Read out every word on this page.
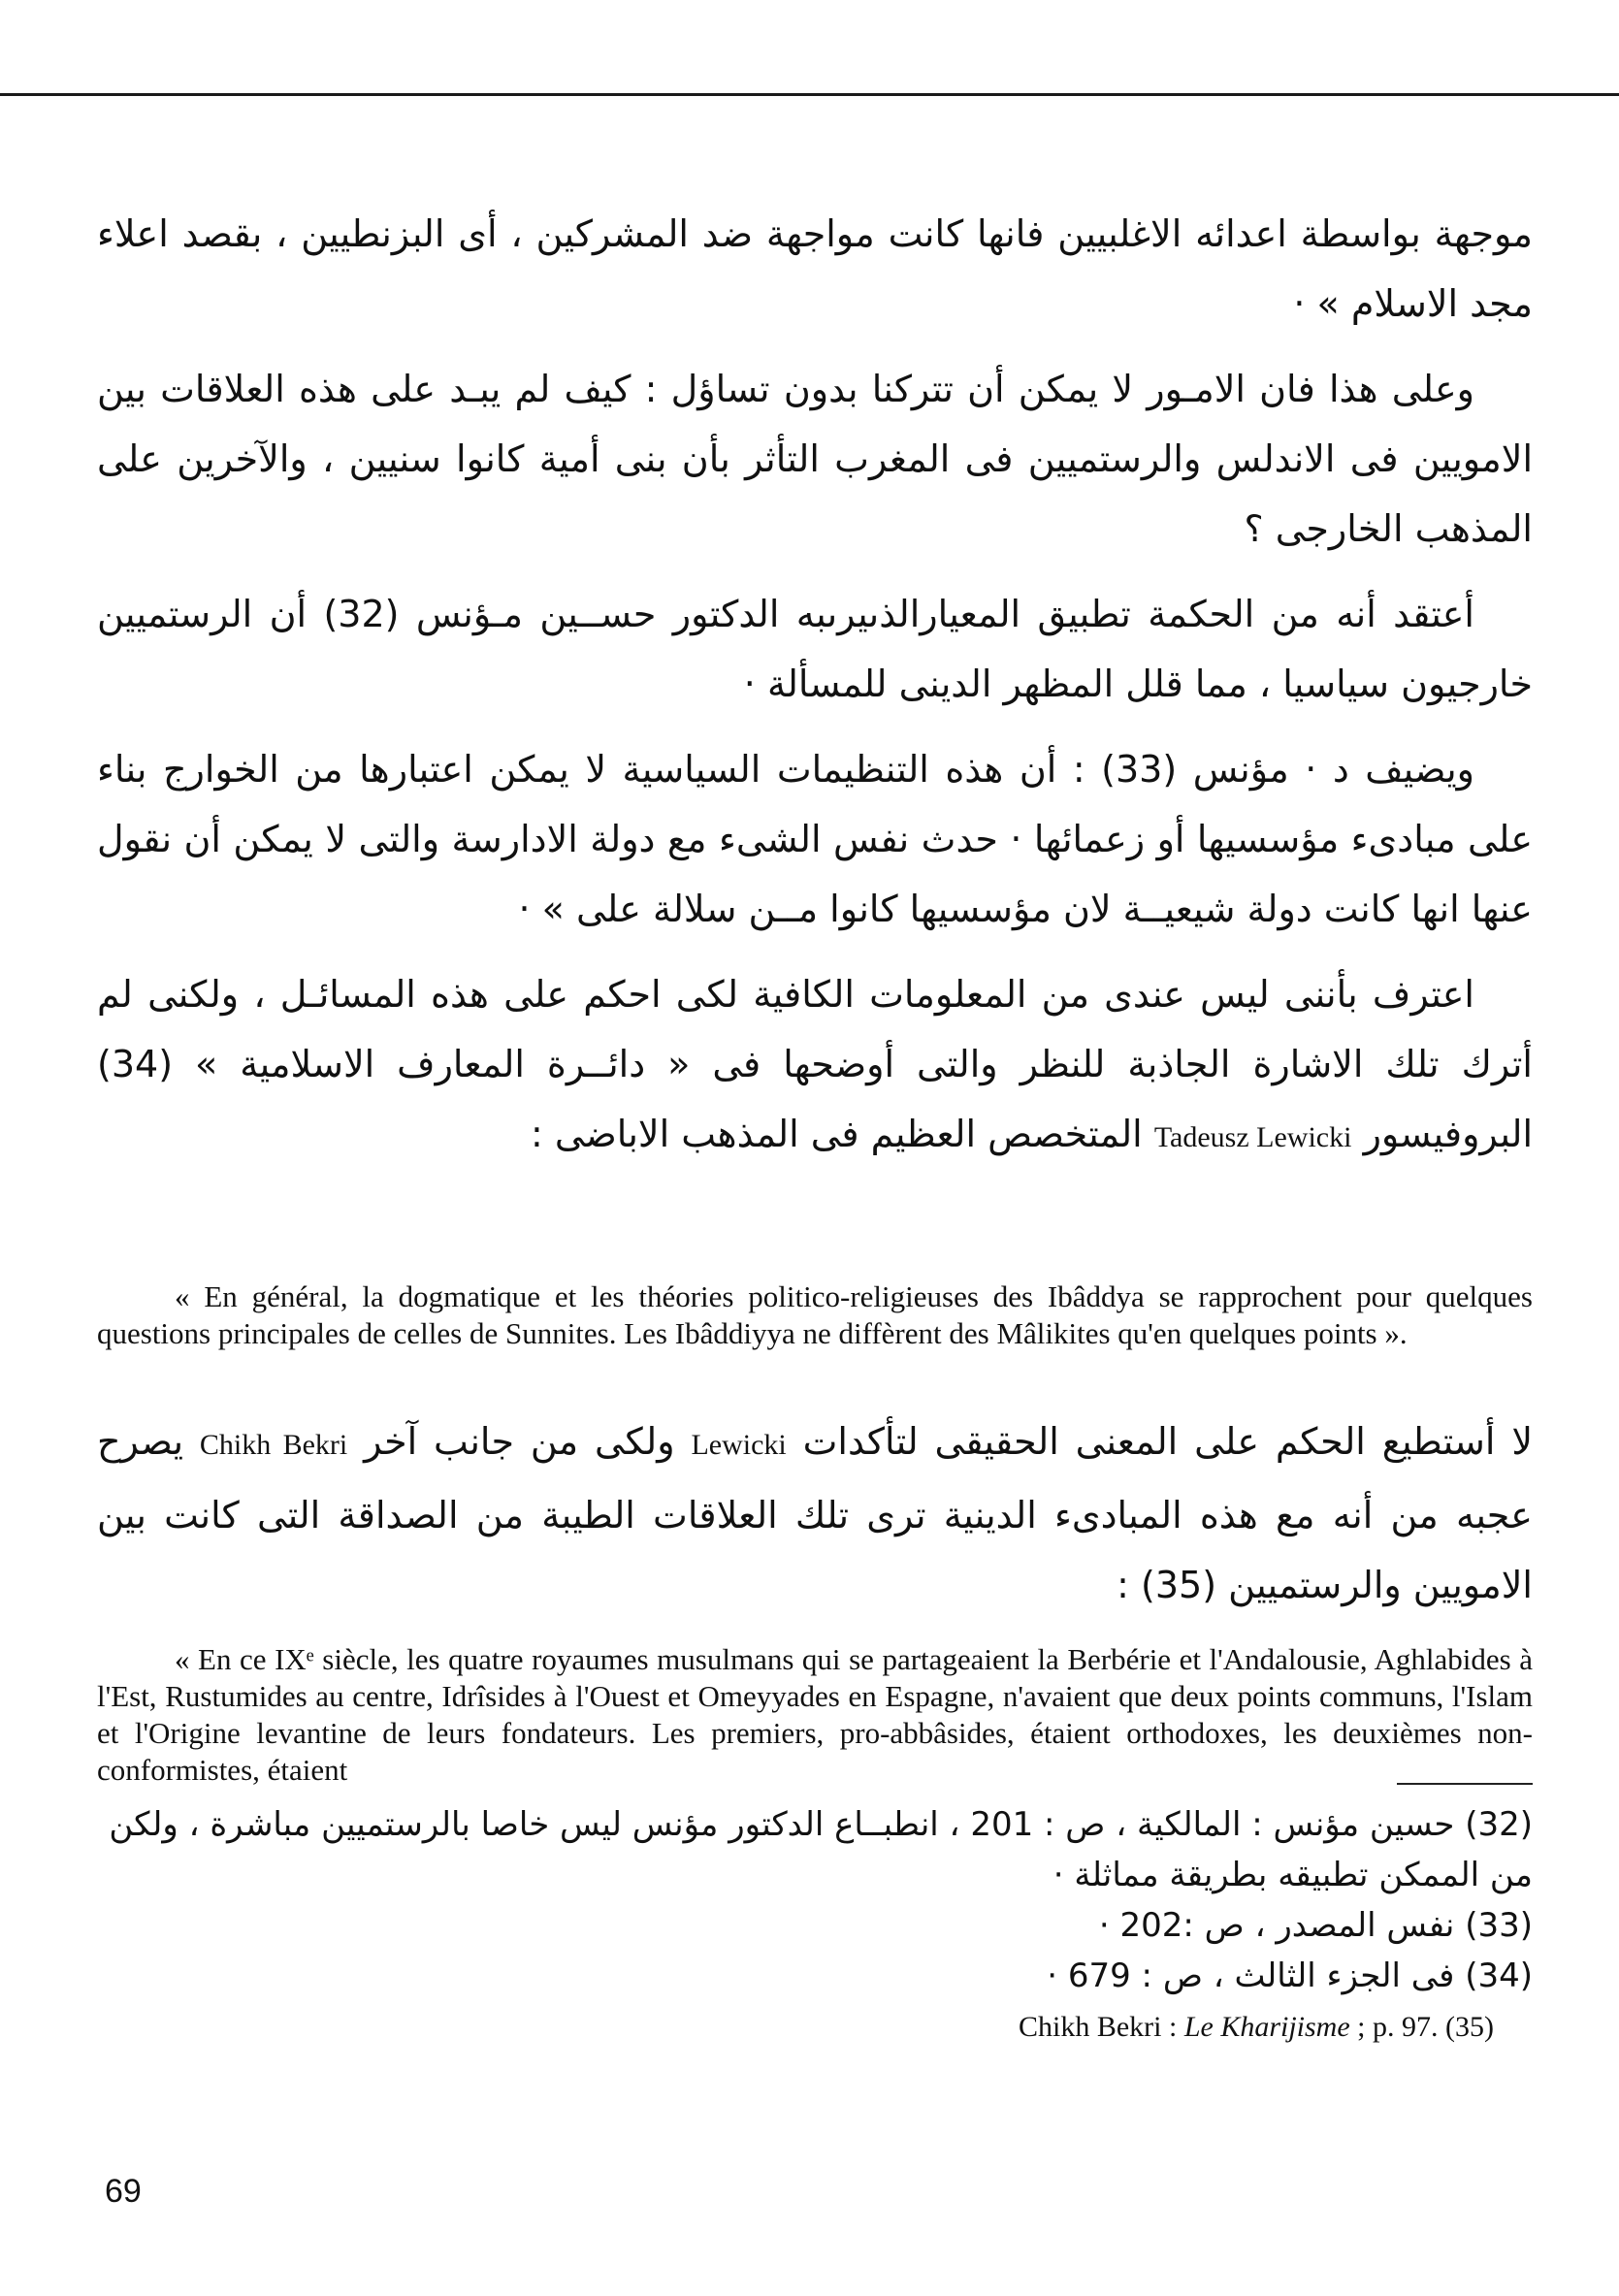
موجهة بواسطة اعدائه الاغلبيين فانها كانت مواجهة ضد المشركين ، أى البزنطيين ، بقصد اعلاء مجد الاسلام » ·

وعلى هذا فان الامـور لا يمكن أن تتركنا بدون تساؤل : كيف لم يبـد على هذه العلاقات بين الامويين فى الاندلس والرستميين فى المغرب التأثر بأن بنى أمية كانوا سنيين ، والآخرين على المذهب الخارجى ؟

أعتقد أنه من الحكمة تطبيق المعيارالذىيرىبه الدكتور حســين مـؤنس (32) أن الرستميين خارجيون سياسيا ، مما قلل المظهر الدينى للمسألة ·

ويضيف د · مؤنس (33) : أن هذه التنظيمات السياسية لا يمكن اعتبارها من الخوارج بناء على مبادىء مؤسسيها أو زعمائها · حدث نفس الشىء مع دولة الادارسة والتى لا يمكن أن نقول عنها انها كانت دولة شيعيــة لان مؤسسيها كانوا مــن سلالة على » ·

اعترف بأننى ليس عندى من المعلومات الكافية لكى احكم على هذه المسائـل ، ولكنى لم أترك تلك الاشارة الجاذبة للنظر والتى أوضحها فى « دائــرة المعارف الاسلامية » (34) البروفيسور Tadeusz Lewicki المتخصص العظيم فى المذهب الاباضى :

« En général, la dogmatique et les théories politico-religieuses des Ibâddya se rapprochent pour quelques questions principales de celles de Sunnites. Les Ibâddiyya ne diffèrent des Mâlikites qu'en quelques points ».

لا أستطيع الحكم على المعنى الحقيقى لتأكدات Lewicki ولكى من جانب آخر Chikh Bekri يصرح عجبه من أنه مع هذه المبادىء الدينية ترى تلك العلاقات الطيبة من الصداقة التى كانت بين الامويين والرستميين (35) :

« En ce IXᵉ siècle, les quatre royaumes musulmans qui se partageaient la Berbérie et l'Andalousie, Aghlabides à l'Est, Rustumides au centre, Idrîsides à l'Ouest et Omeyyades en Espagne, n'avaient que deux points communs, l'Islam et l'Origine levantine de leurs fondateurs. Les premiers, pro-abbâsides, étaient orthodoxes, les deuxièmes non-conformistes, étaient

(32) حسين مؤنس : المالكية ، ص : 201 ، انطبــاع الدكتور مؤنس ليس خاصا بالرستميين مباشرة ، ولكن من الممكن تطبيقه بطريقة مماثلة ·

(33) نفس المصدر ، ص :202 ·

(34) فى الجزء الثالث ، ص : 679 ·

Chikh Bekri : Le Kharijisme ; p. 97. (35)
69
